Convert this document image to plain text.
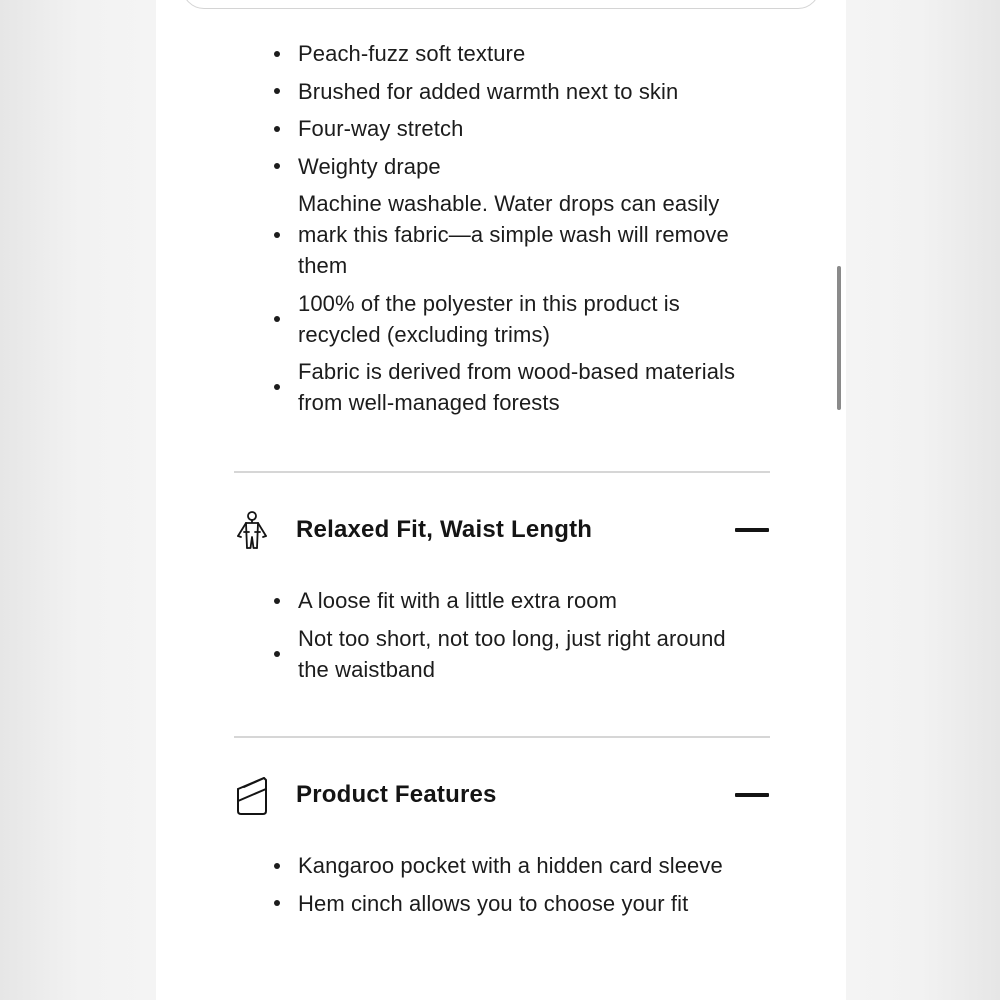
Peach-fuzz soft texture
Brushed for added warmth next to skin
Four-way stretch
Weighty drape
Machine washable. Water drops can easily mark this fabric—a simple wash will remove them
100% of the polyester in this product is recycled (excluding trims)
Fabric is derived from wood-based materials from well-managed forests
Relaxed Fit, Waist Length
A loose fit with a little extra room
Not too short, not too long, just right around the waistband
Product Features
Kangaroo pocket with a hidden card sleeve
Hem cinch allows you to choose your fit
